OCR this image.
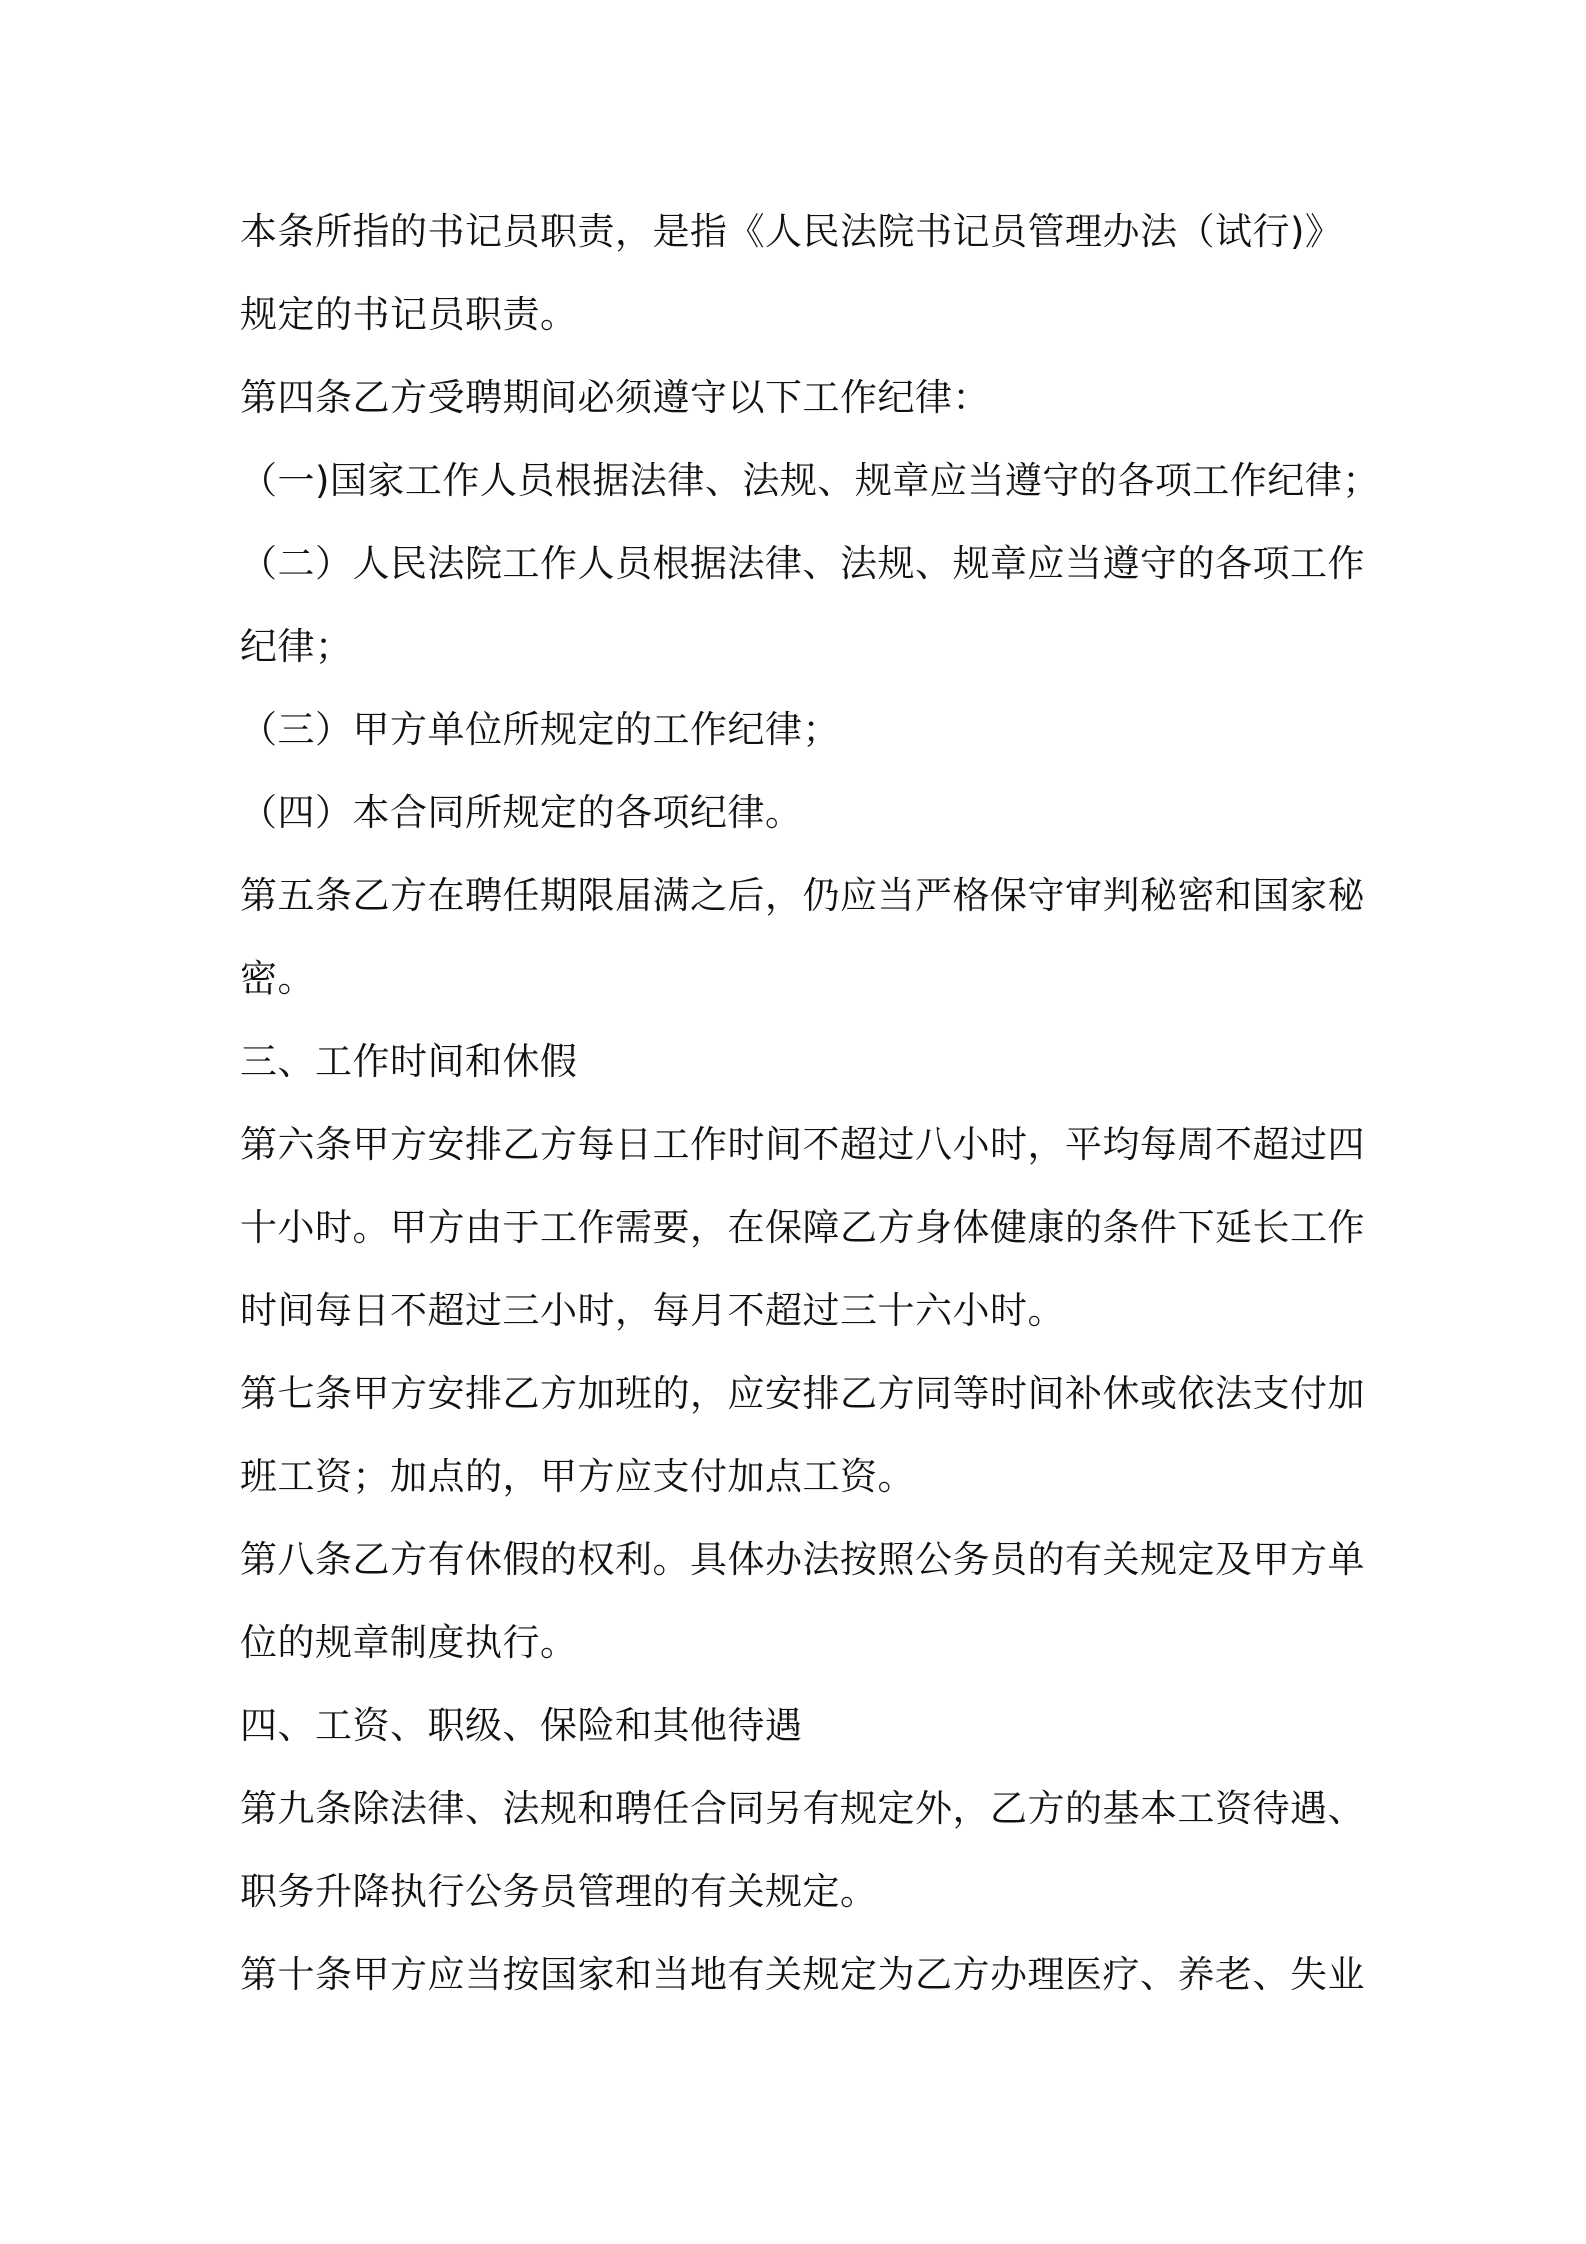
本条所指的书记员职责，是指《人民法院书记员管理办法（试行)》
规定的书记员职责。
第四条乙方受聘期间必须遵守以下工作纪律：
（一)国家工作人员根据法律、法规、规章应当遵守的各项工作纪律；
（二）人民法院工作人员根据法律、法规、规章应当遵守的各项工作
纪律；
（三）甲方单位所规定的工作纪律；
（四）本合同所规定的各项纪律。
第五条乙方在聘任期限届满之后，仍应当严格保守审判秘密和国家秘
密。
三、工作时间和休假
第六条甲方安排乙方每日工作时间不超过八小时，平均每周不超过四
十小时。甲方由于工作需要，在保障乙方身体健康的条件下延长工作
时间每日不超过三小时，每月不超过三十六小时。
第七条甲方安排乙方加班的，应安排乙方同等时间补休或依法支付加
班工资；加点的，甲方应支付加点工资。
第八条乙方有休假的权利。具体办法按照公务员的有关规定及甲方单
位的规章制度执行。
四、工资、职级、保险和其他待遇
第九条除法律、法规和聘任合同另有规定外，乙方的基本工资待遇、
职务升降执行公务员管理的有关规定。
第十条甲方应当按国家和当地有关规定为乙方办理医疗、养老、失业
